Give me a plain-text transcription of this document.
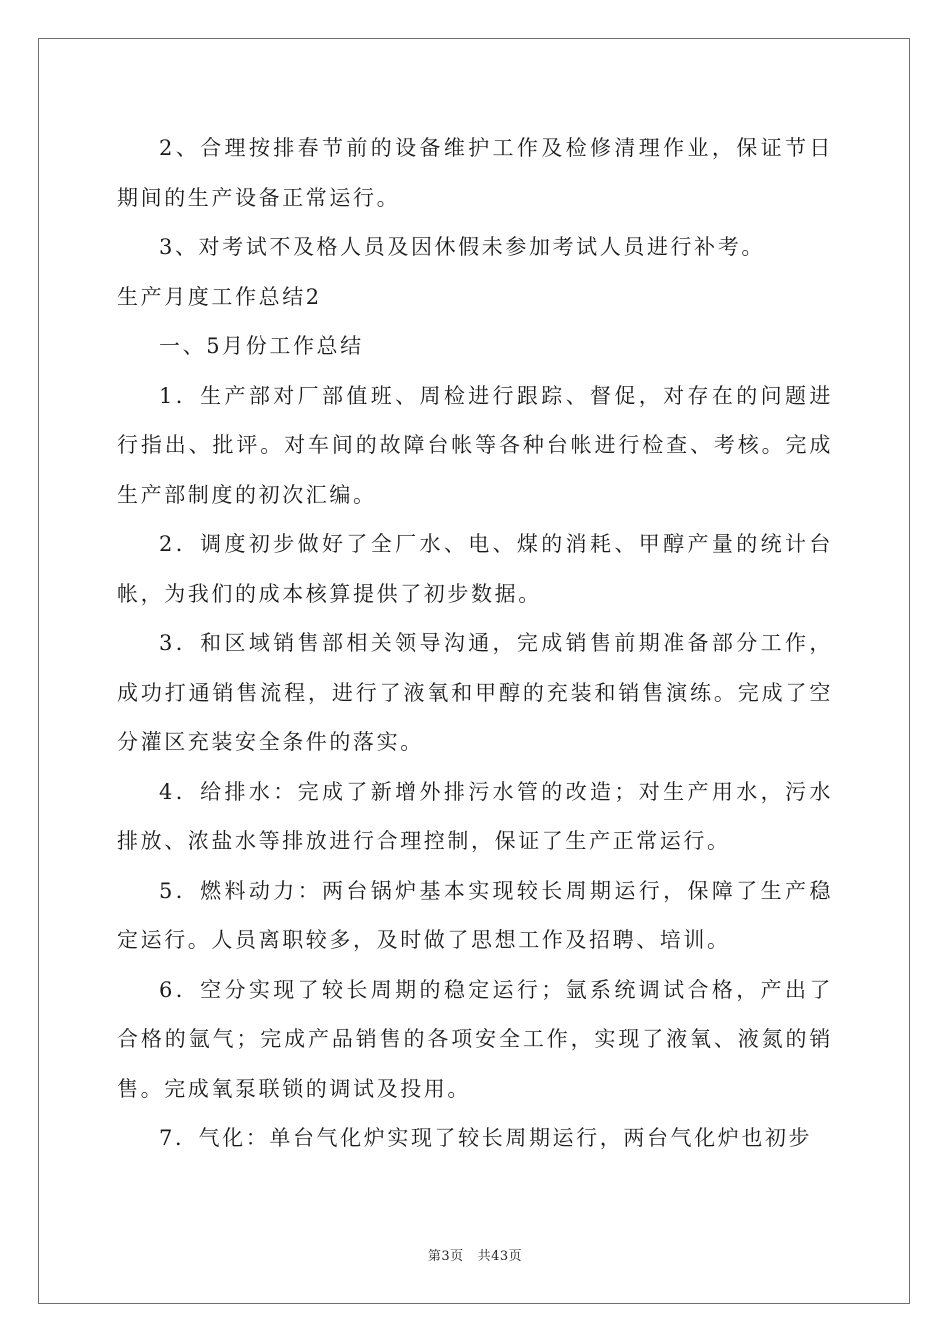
2、合理按排春节前的设备维护工作及检修清理作业，保证节日期间的生产设备正常运行。

3、对考试不及格人员及因休假未参加考试人员进行补考。

生产月度工作总结2

一、5月份工作总结

1．生产部对厂部值班、周检进行跟踪、督促，对存在的问题进行指出、批评。对车间的故障台帐等各种台帐进行检查、考核。完成生产部制度的初次汇编。

2．调度初步做好了全厂水、电、煤的消耗、甲醇产量的统计台帐，为我们的成本核算提供了初步数据。

3．和区域销售部相关领导沟通，完成销售前期准备部分工作，成功打通销售流程，进行了液氧和甲醇的充装和销售演练。完成了空分灌区充装安全条件的落实。

4．给排水：完成了新增外排污水管的改造；对生产用水，污水排放、浓盐水等排放进行合理控制，保证了生产正常运行。

5．燃料动力：两台锅炉基本实现较长周期运行，保障了生产稳定运行。人员离职较多，及时做了思想工作及招聘、培训。

6．空分实现了较长周期的稳定运行；氩系统调试合格，产出了合格的氩气；完成产品销售的各项安全工作，实现了液氧、液氮的销售。完成氧泵联锁的调试及投用。

7．气化：单台气化炉实现了较长周期运行，两台气化炉也初步

第3页 共43页
